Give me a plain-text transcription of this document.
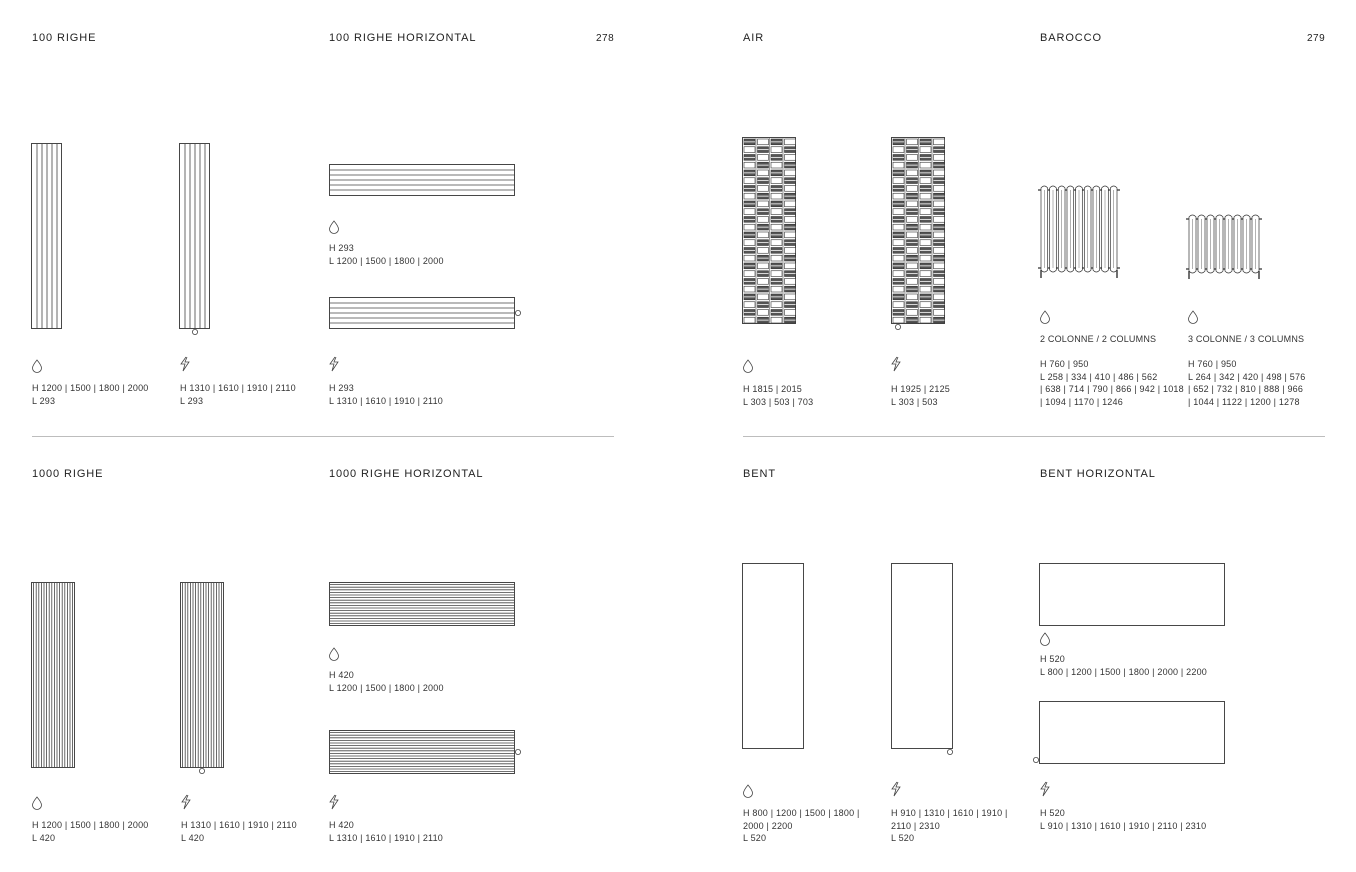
100 RIGHE	100 RIGHE HORIZONTAL	278
H 293
L 1200 | 1500 | 1800 | 2000
H 1200 | 1500 | 1800 | 2000
L 293
H 1310 | 1610 | 1910 | 2110
L 293
H 293
L 1310 | 1610 | 1910 | 2110
1000 RIGHE	1000 RIGHE HORIZONTAL
H 420
L 1200 | 1500 | 1800 | 2000
H 1200 | 1500 | 1800 | 2000
L 420
H 1310 | 1610 | 1910 | 2110
L 420
H 420
L 1310 | 1610 | 1910 | 2110
AIR	BAROCCO	279
2 COLONNE / 2 COLUMNS	3 COLONNE / 3 COLUMNS
H 1815 | 2015
L 303 | 503 | 703
H 1925 | 2125
L 303 | 503
H 760 | 950
L 258 | 334 | 410 | 486 | 562
| 638 | 714 | 790 | 866 | 942 | 1018
| 1094 | 1170 | 1246
H 760 | 950
L 264 | 342 | 420 | 498 | 576
| 652 | 732 | 810 | 888 | 966
| 1044 | 1122 | 1200 | 1278
BENT	BENT HORIZONTAL
H 520
L 800 | 1200 | 1500 | 1800 | 2000 | 2200
H 800 | 1200 | 1500 | 1800 |
2000 | 2200
L 520
H 910 | 1310 | 1610 | 1910 |
2110 | 2310
L 520
H 520
L 910 | 1310 | 1610 | 1910 | 2110 | 2310
